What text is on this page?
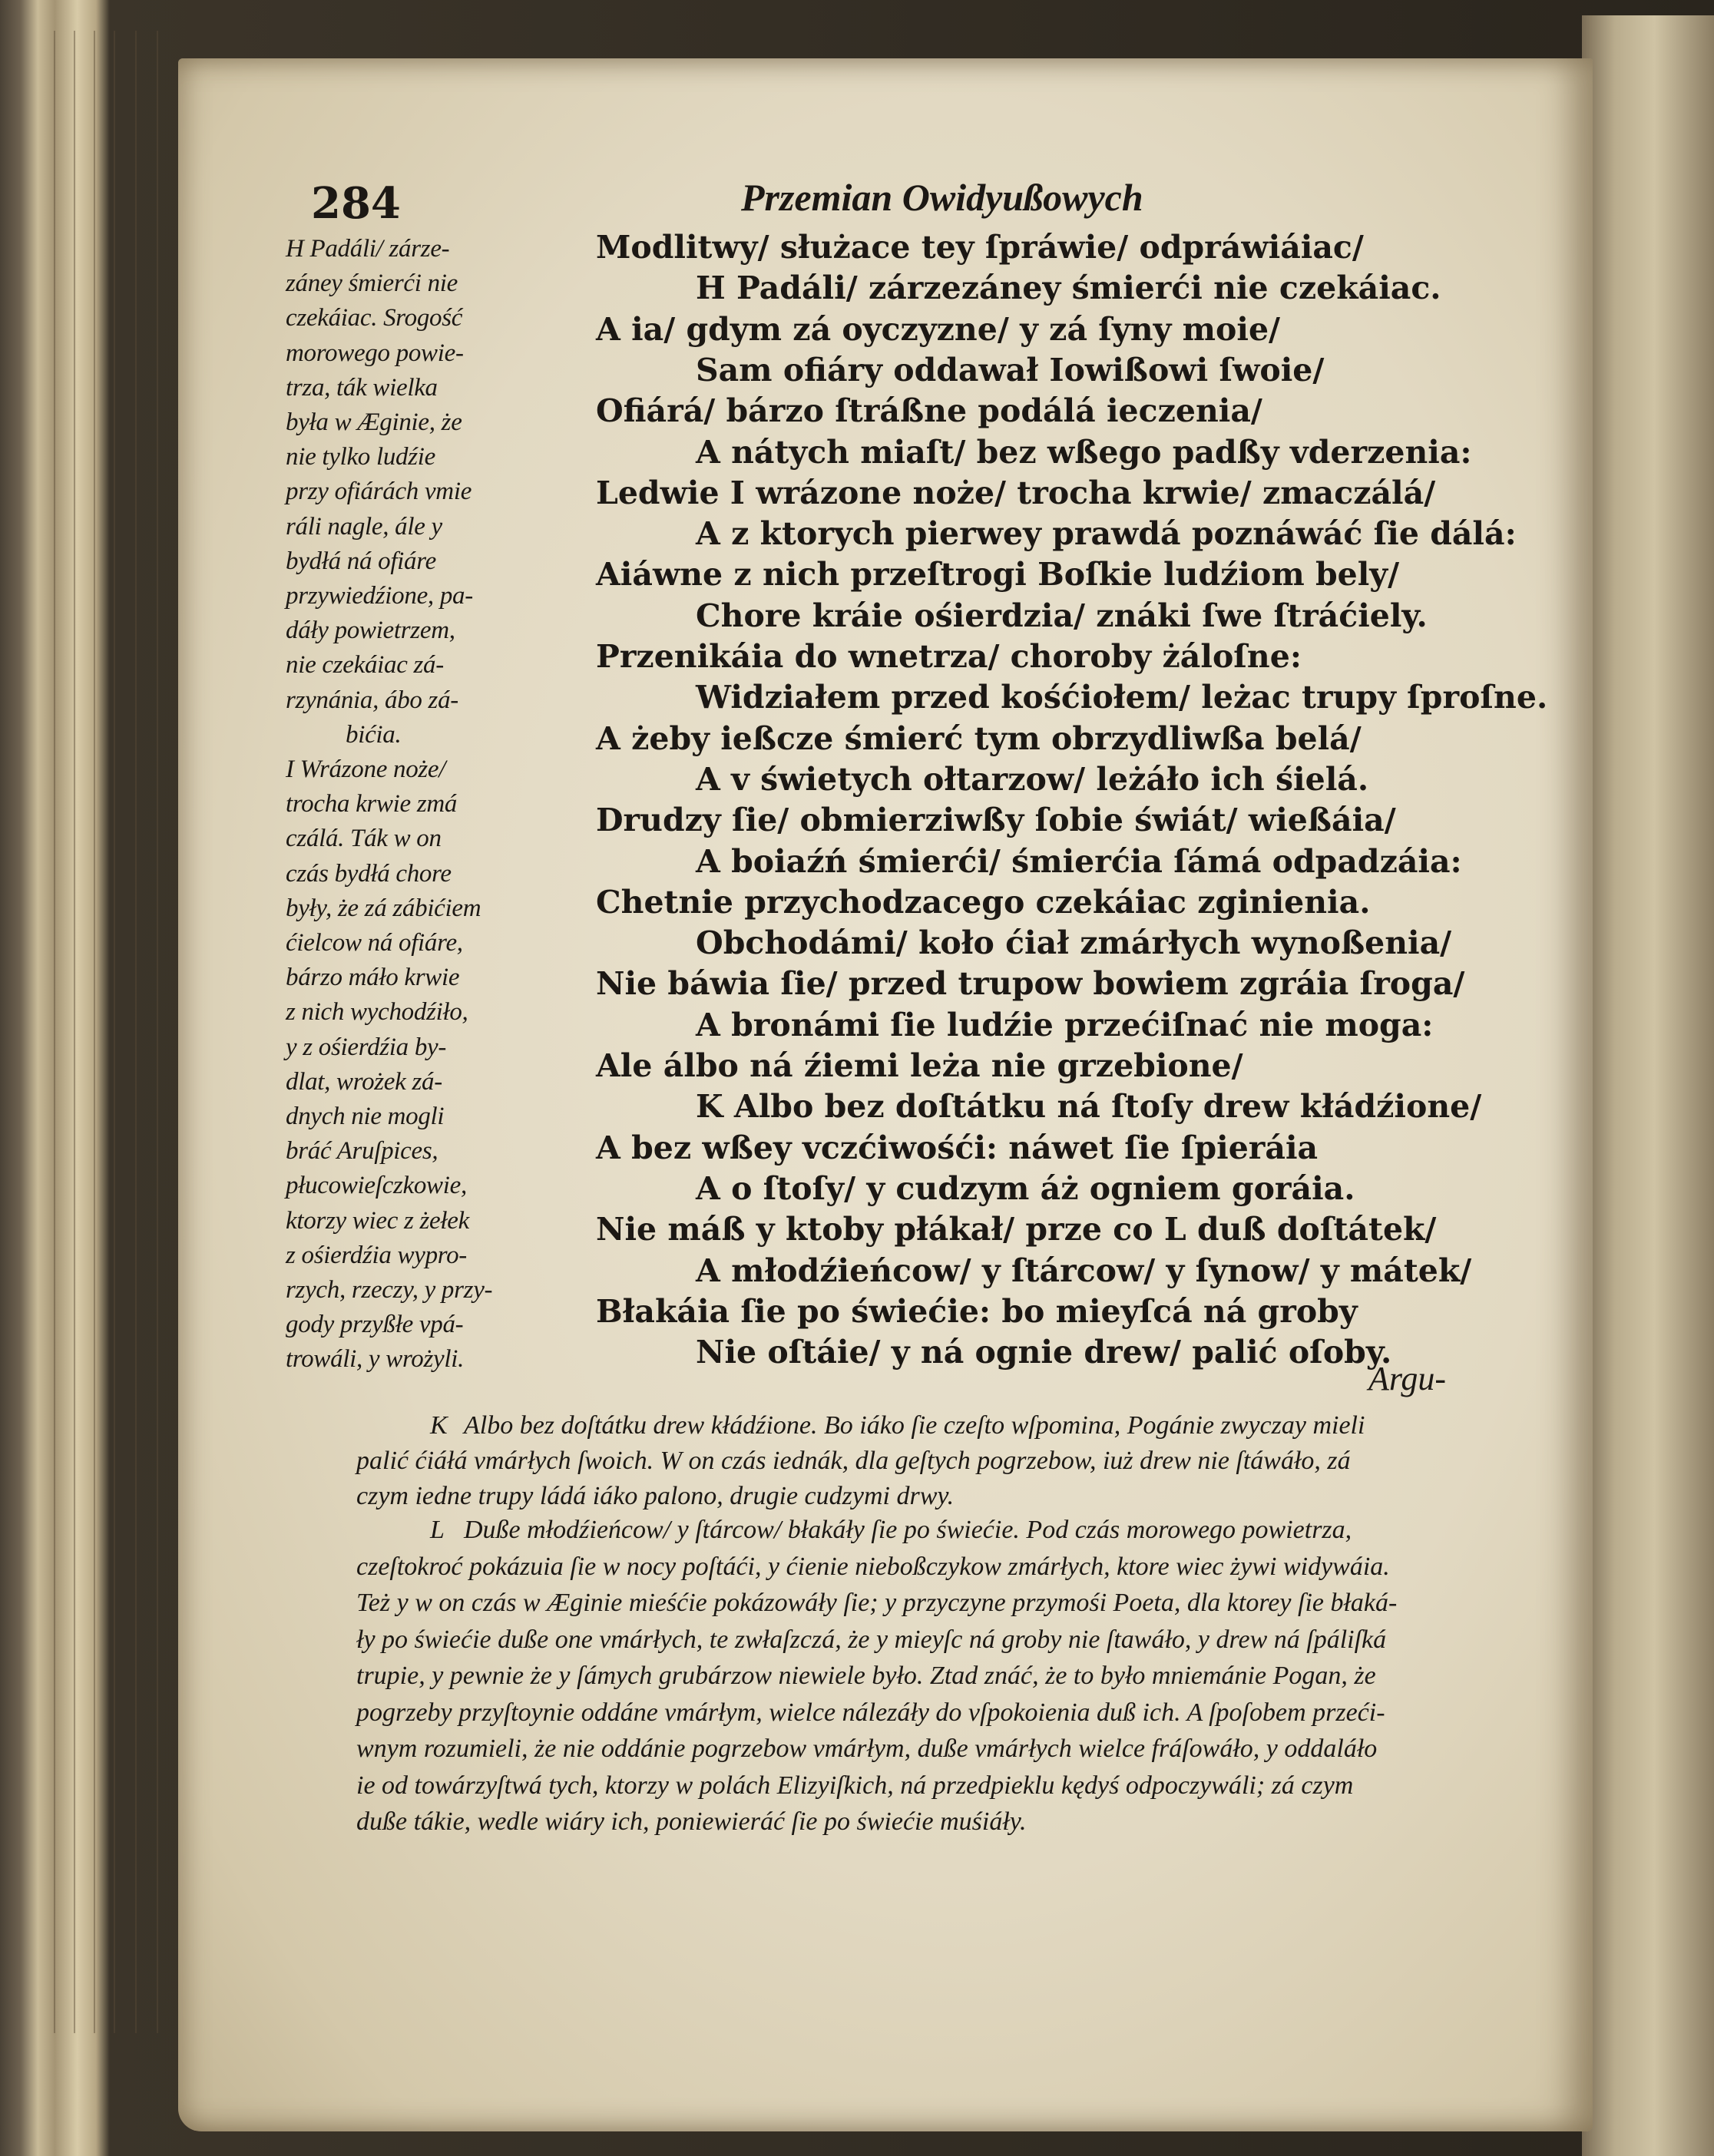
284	Przemian Owidyußowych
Modlitwy/ służace tey ſpráwie/ odpráwiáiac/
H Padáli/ zárzezáney śmierći nie czekáiac.
A ia/ gdym zá oyczyzne/ y zá ſyny moie/
Sam ofiáry oddawał Iowißowi ſwoie/
Ofiárá/ bárzo ſtráßne podálá ieczenia/
A nátych miaſt/ bez wßego padßy vderzenia:
Ledwie I wrázone noże/ trocha krwie/ zmaczálá/
A z ktorych pierwey prawdá poznáwáć ſie dálá:
Aiáwne z nich przeſtrogi Boſkie ludźiom bely/
Chore kráie ośierdzia/ znáki ſwe ſtráćiely.
Przenikáia do wnetrza/ choroby żáloſne:
Widziałem przed kośćiołem/ leżac trupy ſproſne.
A żeby ießcze śmierć tym obrzydliwßa belá/
A v świetych ołtarzow/ leżáło ich śielá.
Drudzy ſie/ obmierziwßy ſobie świát/ wießáia/
A boiaźń śmierći/ śmierćia ſámá odpadzáia:
Chetnie przychodzacego czekáiac zginienia.
Obchodámi/ koło ćiał zmárłych wynoßenia/
Nie báwia ſie/ przed trupow bowiem zgráia ſroga/
A bronámi ſie ludźie przećiſnać nie moga:
Ale álbo ná źiemi leża nie grzebione/
K Albo bez doſtátku ná ſtoſy drew kłádźione/
A bez wßey vczćiwośći: náwet ſie ſpieráia
A o ſtoſy/ y cudzym áż ogniem goráia.
Nie máß y ktoby płákał/ prze co L duß doſtátek/
A młodźieńcow/ y ſtárcow/ y ſynow/ y mátek/
Błakáia ſie po świećie: bo mieyſcá ná groby
Nie oſtáie/ y ná ognie drew/ palić oſoby.
H Padáli/ zárze-
záney śmierći nie
czekáiac. Srogość
morowego powie-
trza, ták wielka
była w Æginie, że
nie tylko ludźie
przy ofiárách vmie
ráli nagle, ále y
bydłá ná ofiáre
przywiedźione, pa-
dáły powietrzem,
nie czekáiac zá-
rzynánia, ábo zá-
bićia.
I Wrázone noże/
trocha krwie zmá
czálá. Ták w on
czás bydłá chore
były, że zá zábićiem
ćielcow ná ofiáre,
bárzo máło krwie
z nich wychodźiło,
y z ośierdźia by-
dlat, wrożek zá-
dnych nie mogli
bráć Aruſpices,
płucowieſczkowie,
ktorzy wiec z żełek
z ośierdźia wypro-
rzych, rzeczy, y przy-
gody przyßłe vpá-
trowáli, y wrożyli.
Argu-
K Albo bez doſtátku drew kłádźione. Bo iáko ſie czeſto wſpomina, Pogánie zwyczay mieli
palić ćiáłá vmárłych ſwoich. W on czás iednák, dla geſtych pogrzebow, iuż drew nie ſtáwáło, zá
czym iedne trupy ládá iáko palono, drugie cudzymi drwy.
L Duße młodźieńcow/ y ſtárcow/ błakáły ſie po świećie. Pod czás morowego powietrza,
czeſtokroć pokázuia ſie w nocy poſtáći, y ćienie nieboßczykow zmárłych, ktore wiec żywi widywáia.
Też y w on czás w Æginie mieśćie pokázowáły ſie; y przyczyne przymośi Poeta, dla ktorey ſie błaká-
ły po świećie duße one vmárłych, te zwłaſzczá, że y mieyſc ná groby nie ſtawáło, y drew ná ſpáliſká
trupie, y pewnie że y ſámych grubárzow niewiele było. Ztad znáć, że to było mniemánie Pogan, że
pogrzeby przyſtoynie oddáne vmárłym, wielce nálezáły do vſpokoienia duß ich. A ſpoſobem przeći-
wnym rozumieli, że nie oddánie pogrzebow vmárłym, duße vmárłych wielce fráſowáło, y oddaláło
ie od towárzyſtwá tych, ktorzy w polách Elizyiſkich, ná przedpieklu kędyś odpoczywáli; zá czym
duße tákie, wedle wiáry ich, poniewieráć ſie po świećie muśiáły.
